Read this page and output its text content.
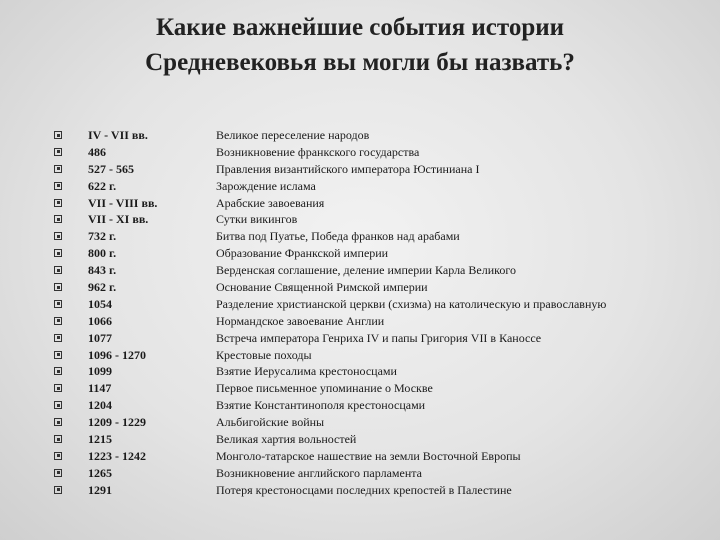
Какие важнейшие события истории
Средневековья вы могли бы назвать?
IV - VII вв.	Великое переселение народов
486	Возникновение франкского государства
527 - 565	Правления византийского императора Юстиниана I
622 г.	Зарождение ислама
VII - VIII вв.	Арабские завоевания
VII - XI вв.	Сутки викингов
732 г.	Битва под Пуатье, Победа франков над арабами
800 г.	Образование Франкской империи
843 г.	Верденская соглашение, деление империи Карла Великого
962 г.	Основание Священной Римской империи
1054	Разделение христианской церкви (схизма) на католическую и православную
1066	Нормандское завоевание Англии
1077	Встреча императора Генриха IV и папы Григория VII в Каноссе
1096 - 1270	Крестовые походы
1099	Взятие Иерусалима крестоносцами
1147	Первое письменное упоминание о Москве
1204	Взятие Константинополя крестоносцами
1209 - 1229	Альбигойские войны
1215	Великая хартия вольностей
1223 - 1242	Монголо-татарское нашествие на земли Восточной Европы
1265	Возникновение английского парламента
1291	Потеря крестоносцами последних крепостей в Палестине
